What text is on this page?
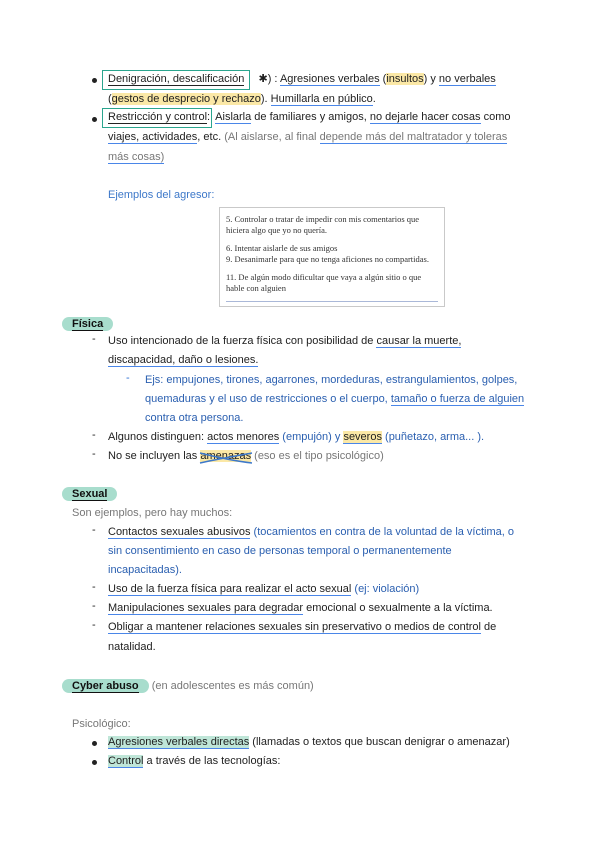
Denigración, descalificación ✱) : Agresiones verbales (insultos) y no verbales
(gestos de desprecio y rechazo). Humillarla en público.
Restricción y control: Aislarla de familiares y amigos, no dejarle hacer cosas como
viajes, actividades, etc. (Al aislarse, al final depende más del maltratador y toleras
más cosas)
Ejemplos del agresor:

5. Controlar o tratar de impedir con mis comentarios que hiciera algo que yo no quería.

6. Intentar aislarle de sus amigos

9. Desanimarle para que no tenga aficiones no compartidas.

11. De algún modo dificultar que vaya a algún sitio o que hable con alguien

Física
- Uso intencionado de la fuerza física con posibilidad de causar la muerte,
discapacidad, daño o lesiones.
- Ejs: empujones, tirones, agarrones, mordeduras, estrangulamientos, golpes,
quemaduras y el uso de restricciones o el cuerpo, tamaño o fuerza de alguien
contra otra persona.
- Algunos distinguen: actos menores (empujón) y severos (puñetazo, arma... ).
- No se incluyen las amenazas
(eso es el tipo psicológico)
Sexual
Son ejemplos, pero hay muchos:
- Contactos sexuales abusivos (tocamientos en contra de la voluntad de la víctima, o
sin consentimiento en caso de personas temporal o permanentemente
incapacitadas).
- Uso de la fuerza física para realizar el acto sexual (ej: violación)
- Manipulaciones sexuales para degradar emocional o sexualmente a la víctima.
- Obligar a mantener relaciones sexuales sin preservativo o medios de control de
natalidad.
Cyber abuso (en adolescentes es más común)
Psicológico:
Agresiones verbales directas (llamadas o textos que buscan denigrar o amenazar)
Control a través de las tecnologías:
